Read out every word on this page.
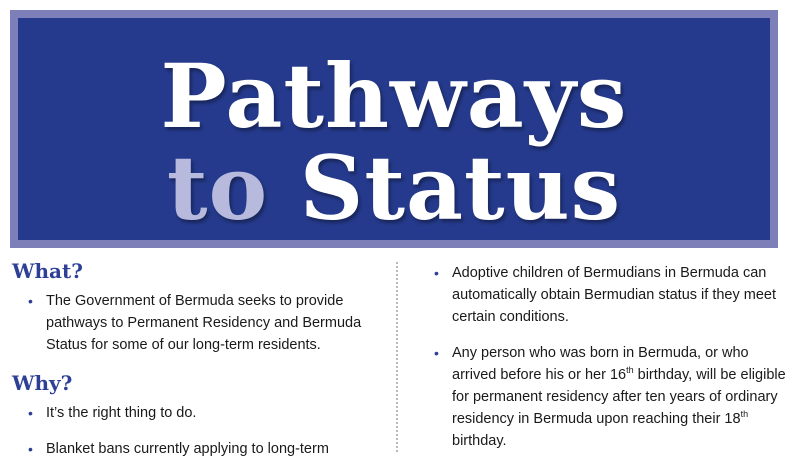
Pathways
to Status
What?
• The Government of Bermuda seeks to provide pathways to Permanent Residency and Bermuda Status for some of our long-term residents.
Why?
• It’s the right thing to do.
• Blanket bans currently applying to long-term
• Adoptive children of Bermudians in Bermuda can automatically obtain Bermudian status if they meet certain conditions.
• Any person who was born in Bermuda, or who arrived before his or her 16th birthday, will be eligible for permanent residency after ten years of ordinary residency in Bermuda upon reaching their 18th birthday.
